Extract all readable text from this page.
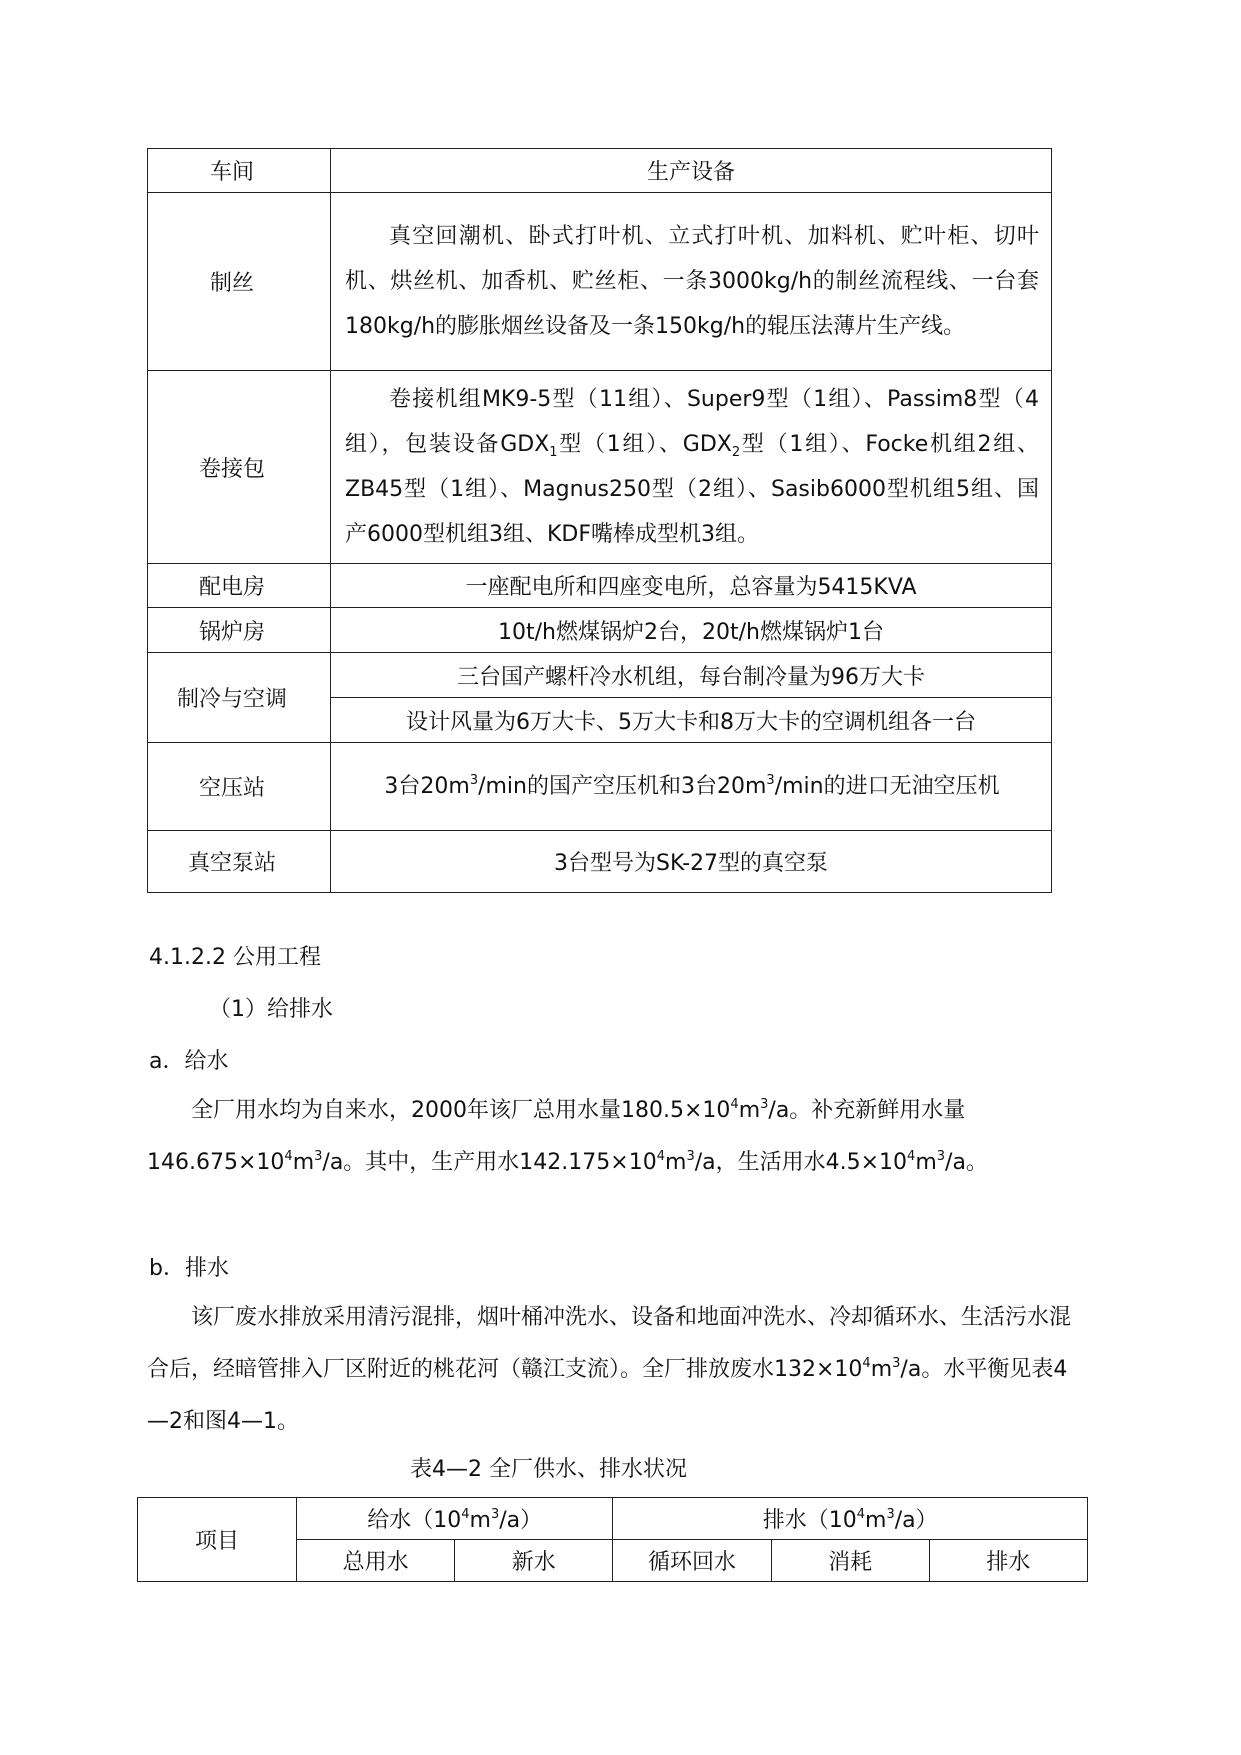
车间	生产设备
制丝	真空回潮机、卧式打叶机、立式打叶机、加料机、贮叶柜、切叶机、烘丝机、加香机、贮丝柜、一条3000kg/h的制丝流程线、一台套180kg/h的膨胀烟丝设备及一条150kg/h的辊压法薄片生产线。
卷接包	卷接机组MK9-5型（11组）、Super9型（1组）、Passim8型（4组），包装设备$GDX_1$型（1组）、$GDX_2$型（1组）、Focke机组2组、ZB45型（1组）、Magnus250型（2组）、Sasib6000型机组5组、国产6000型机组3组、KDF嘴棒成型机3组。
配电房	一座配电所和四座变电所，总容量为5415KVA
锅炉房	10t/h燃煤锅炉2台，20t/h燃煤锅炉1台
制冷与空调	三台国产螺杆冷水机组，每台制冷量为96万大卡
	设计风量为6万大卡、5万大卡和8万大卡的空调机组各一台
空压站	3台$20m^3/\min$的国产空压机和3台$20m^3/\min$的进口无油空压机
真空泵站	3台型号为SK-27型的真空泵
4.1.2.2 公用工程
（1）给排水
a．给水
全厂用水均为自来水，2000年该厂总用水量$180.5\times 10^4m^3/a$。补充新鲜用水量$146.675\times 10^4m^3/a$。其中，生产用水$142.175\times 10^4m^3/a$，生活用水$4.5\times 10^4m^3/a$。
b．排水
该厂废水排放采用清污混排，烟叶桶冲洗水、设备和地面冲洗水、冷却循环水、生活污水混合后，经暗管排入厂区附近的桃花河（赣江支流）。全厂排放废水$132\times 10^4m^3/a$。水平衡见表4—2和图4—1。
表4—2 全厂供水、排水状况
项目	给水$(10^4m^3/a)$		排水$(10^4m^3/a)$		
	总用水	新水	循环回水	消耗	排水
